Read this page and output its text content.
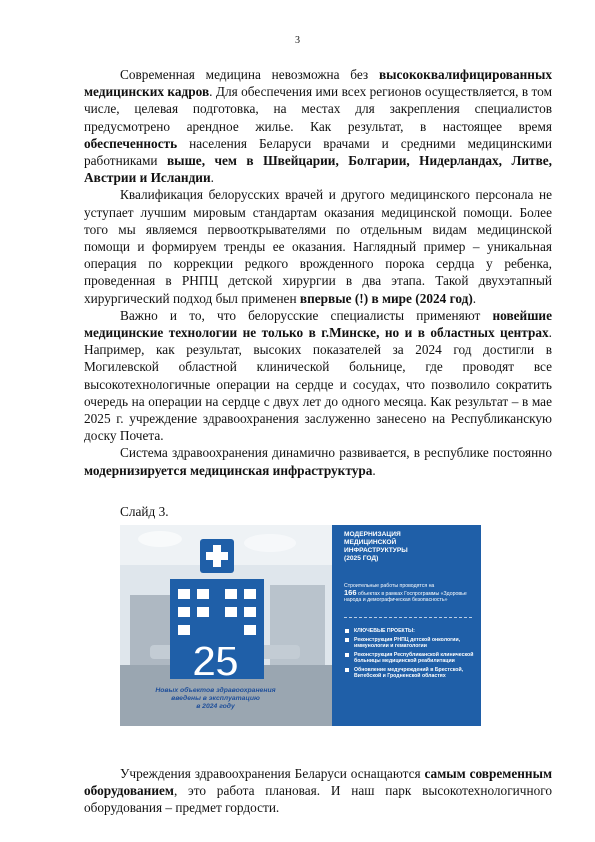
3

Современная медицина невозможна без высококвалифицированных медицинских кадров. Для обеспечения ими всех регионов осуществляется, в том числе, целевая подготовка, на местах для закрепления специалистов предусмотрено арендное жилье. Как результат, в настоящее время обеспеченность населения Беларуси врачами и средними медицинскими работниками выше, чем в Швейцарии, Болгарии, Нидерландах, Литве, Австрии и Исландии.

Квалификация белорусских врачей и другого медицинского персонала не уступает лучшим мировым стандартам оказания медицинской помощи. Более того мы являемся первооткрывателями по отдельным видам медицинской помощи и формируем тренды ее оказания. Наглядный пример – уникальная операция по коррекции редкого врожденного порока сердца у ребенка, проведенная в РНПЦ детской хирургии в два этапа. Такой двухэтапный хирургический подход был применен впервые (!) в мире (2024 год).

Важно и то, что белорусские специалисты применяют новейшие медицинские технологии не только в г.Минске, но и в областных центрах. Например, как результат, высоких показателей за 2024 год достигли в Могилевской областной клинической больнице, где проводят все высокотехнологичные операции на сердце и сосудах, что позволило сократить очередь на операции на сердце с двух лет до одного месяца. Как результат – в мае 2025 г. учреждение здравоохранения заслуженно занесено на Республиканскую доску Почета.

Система здравоохранения динамично развивается, в республике постоянно модернизируется медицинская инфраструктура.

Слайд 3.
25
Новых объектов здравоохранения
введены в эксплуатацию
в 2024 году
МОДЕРНИЗАЦИЯ
МЕДИЦИНСКОЙ
ИНФРАСТРУКТУРЫ
(2025 ГОД)
Строительные работы проводятся на
166 объектах в рамках Госпрограммы «Здоровье народа и демографическая безопасность»
КЛЮЧЕВЫЕ ПРОЕКТЫ:
Реконструкция РНПЦ детской онкологии, иммунологии и гематологии
Реконструкция Республиканской клинической больницы медицинской реабилитации
Обновление медучреждений в Брестской, Витебской и Гродненской областях

Учреждения здравоохранения Беларуси оснащаются самым современным оборудованием, это работа плановая. И наш парк высокотехнологичного оборудования – предмет гордости.
